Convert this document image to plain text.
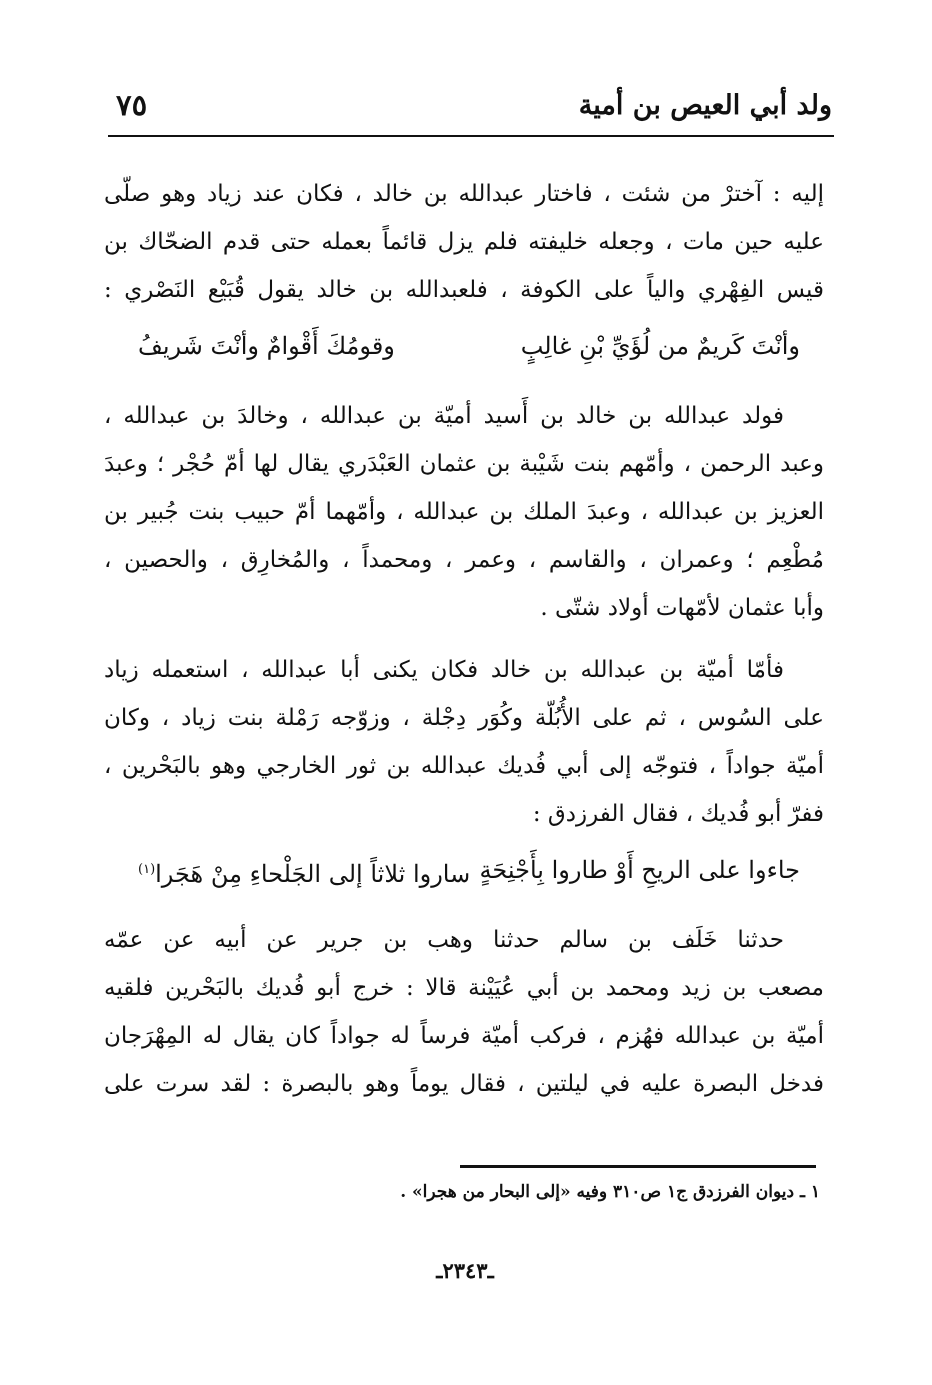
ولد أبي العيص بن أمية
٧٥
إليه : آخترْ من شئت ، فاختار عبدالله بن خالد ، فكان عند زياد وهو صلّى
عليه حين مات ، وجعله خليفته فلم يزل قائماً بعمله حتى قدم الضحّاك بن
قيس الفِهْري والياً على الكوفة ، فلعبدالله بن خالد يقول قُبَيْع النَصْري :
وأنْتَ كَريمٌ من لُؤَيِّ بْنِ غالِبٍ
وقومُكَ أَقْوامٌ وأنْتَ شَريفُ
فولد عبدالله بن خالد بن أَسيد أميّة بن عبدالله ، وخالدَ بن عبدالله ،
وعبد الرحمن ، وأمّهم بنت شَيْبة بن عثمان العَبْدَري يقال لها أمّ حُجْر ؛ وعبدَ
العزيز بن عبدالله ، وعبدَ الملك بن عبدالله ، وأمّهما أمّ حبيب بنت جُبير بن
مُطْعِم ؛ وعمران ، والقاسم ، وعمر ، ومحمداً ، والمُخارِق ، والحصين ،
وأبا عثمان لأمّهات أولاد شتّى .
فأمّا أميّة بن عبدالله بن خالد فكان يكنى أبا عبدالله ، استعمله زياد
على السُوس ، ثم على الأُبُلّة وكُوَر دِجْلة ، وزوّجه رَمْلة بنت زياد ، وكان
أميّة جواداً ، فتوجّه إلى أبي فُديك عبدالله بن ثور الخارجي وهو بالبَحْرين ،
ففرّ أبو فُديك ، فقال الفرزدق :
جاءوا على الريحِ أَوْ طاروا بِأَجْنِحَةٍ
ساروا ثلاثاً إلى الجَلْحاءِ مِنْ هَجَرا$^{(١)}$
حدثنا خَلَف بن سالم حدثنا وهب بن جرير عن أبيه عن عمّه
مصعب بن زيد ومحمد بن أبي عُيَيْنة قالا : خرج أبو فُديك بالبَحْرين فلقيه
أميّة بن عبدالله فهُزم ، فركب أميّة فرساً له جواداً كان يقال له المِهْرَجان
فدخل البصرة عليه في ليلتين ، فقال يوماً وهو بالبصرة : لقد سرت على
١ ـ ديوان الفرزدق ج١ ص٣١٠ وفيه «إلى البحار من هجرا» .
ـ٢٣٤٣ـ
